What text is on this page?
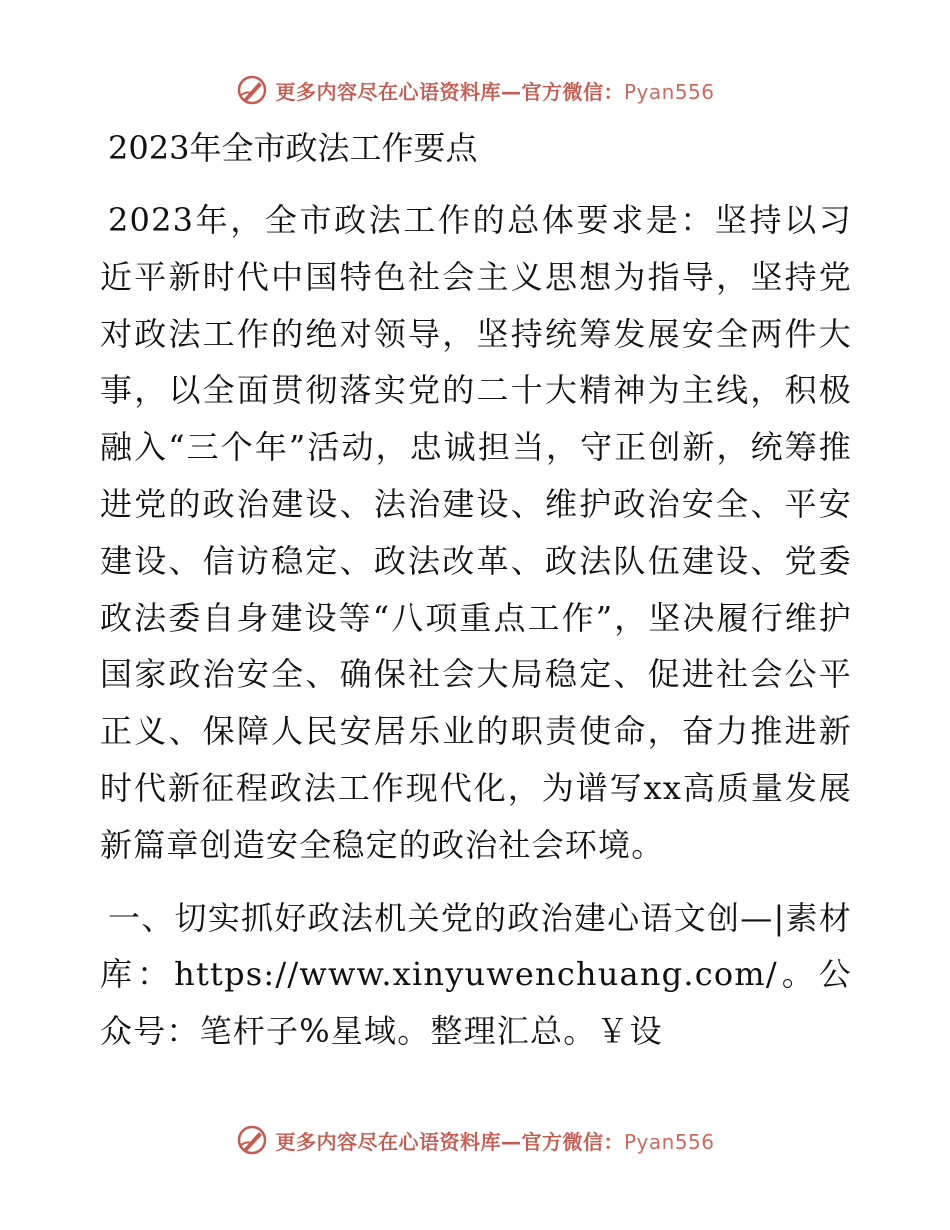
更多内容尽在心语资料库—官方微信：Pyan556
2023年全市政法工作要点

2023年，全市政法工作的总体要求是：坚持以习近平新时代中国特色社会主义思想为指导，坚持党对政法工作的绝对领导，坚持统筹发展安全两件大事，以全面贯彻落实党的二十大精神为主线，积极融入“三个年”活动，忠诚担当，守正创新，统筹推进党的政治建设、法治建设、维护政治安全、平安建设、信访稳定、政法改革、政法队伍建设、党委政法委自身建设等“八项重点工作”，坚决履行维护国家政治安全、确保社会大局稳定、促进社会公平正义、保障人民安居乐业的职责使命，奋力推进新时代新征程政法工作现代化，为谱写xx高质量发展新篇章创造安全稳定的政治社会环境。

一、切实抓好政法机关党的政治建心语文创—|素材库：https://www.xinyuwenchuang.com/。公众号：笔杆子%星域。整理汇总。￥设

更多内容尽在心语资料库—官方微信：Pyan556
